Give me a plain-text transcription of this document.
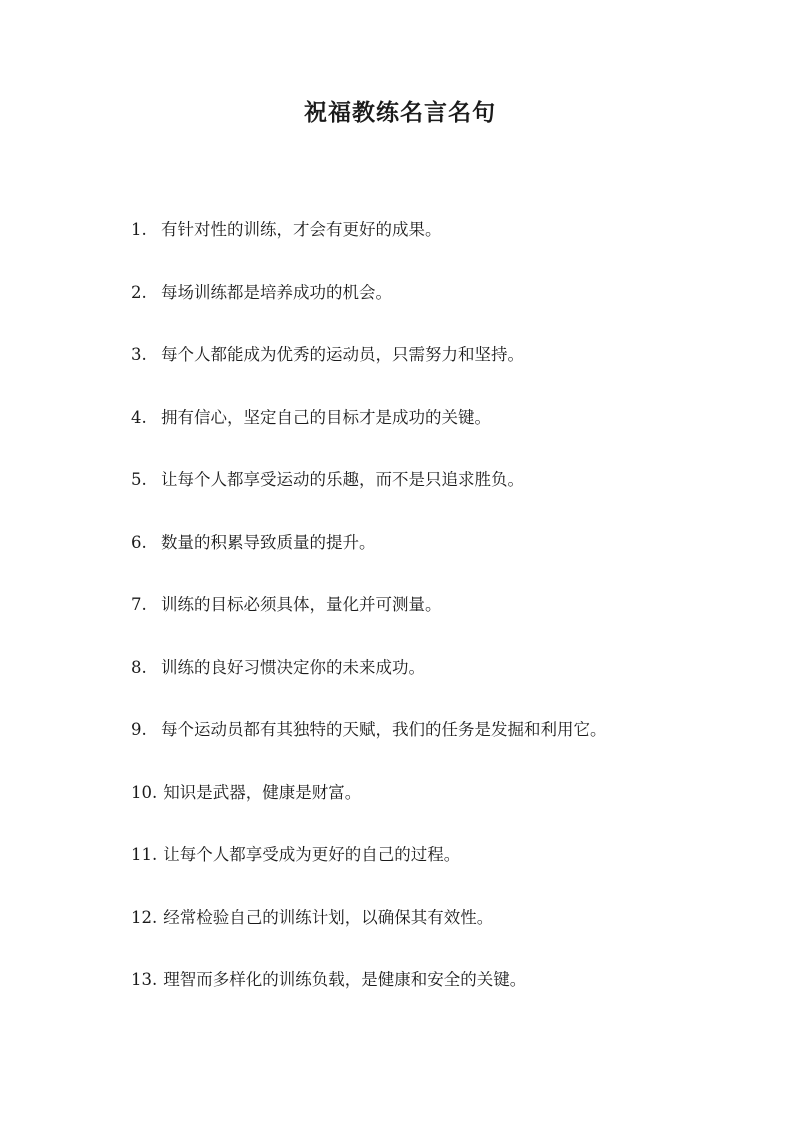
祝福教练名言名句
1. 有针对性的训练，才会有更好的成果。
2. 每场训练都是培养成功的机会。
3. 每个人都能成为优秀的运动员，只需努力和坚持。
4. 拥有信心，坚定自己的目标才是成功的关键。
5. 让每个人都享受运动的乐趣，而不是只追求胜负。
6. 数量的积累导致质量的提升。
7. 训练的目标必须具体，量化并可测量。
8. 训练的良好习惯决定你的未来成功。
9. 每个运动员都有其独特的天赋，我们的任务是发掘和利用它。
10. 知识是武器，健康是财富。
11. 让每个人都享受成为更好的自己的过程。
12. 经常检验自己的训练计划，以确保其有效性。
13. 理智而多样化的训练负载，是健康和安全的关键。
